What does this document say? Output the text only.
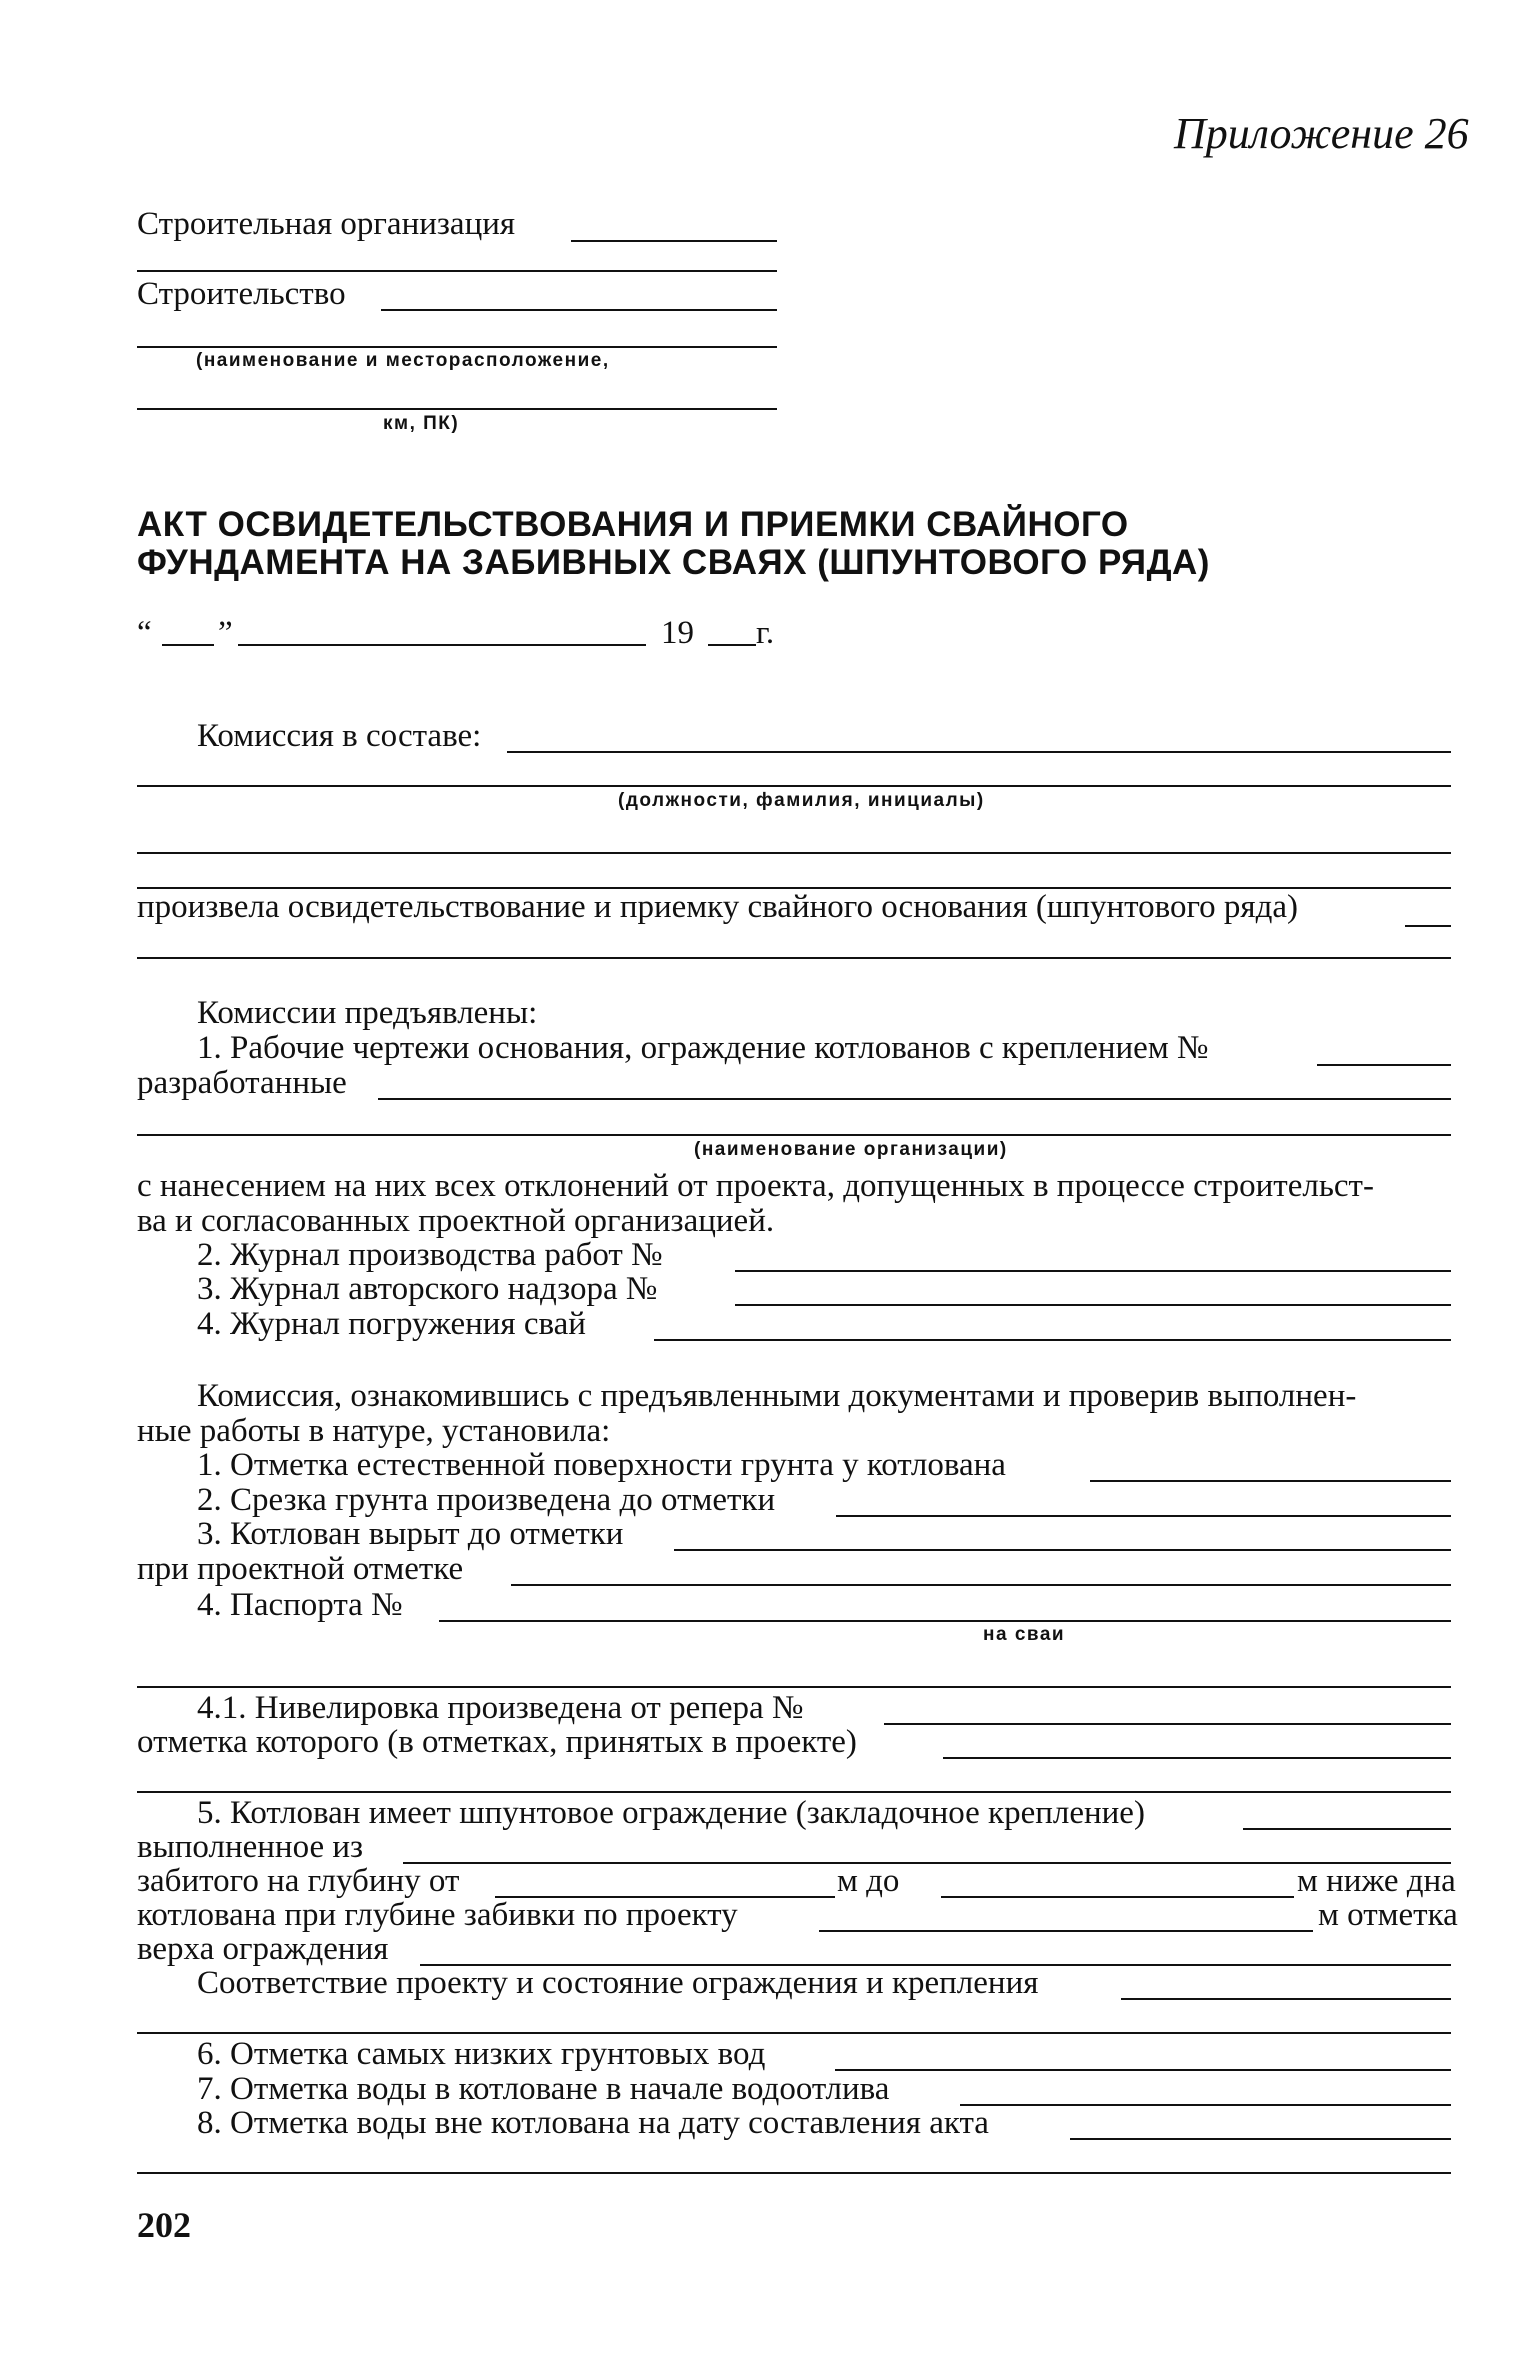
Приложение 26
Строительная организация
Строительство
(наименование и месторасположение,
км, ПК)
АКТ ОСВИДЕТЕЛЬСТВОВАНИЯ И ПРИЕМКИ СВАЙНОГО
ФУНДАМЕНТА НА ЗАБИВНЫХ СВАЯХ (ШПУНТОВОГО РЯДА)
“ ”	19 г.
Комиссия в составе:
(должности, фамилия, инициалы)
произвела освидетельствование и приемку свайного основания (шпунтового ряда)
Комиссии предъявлены:
1. Рабочие чертежи основания, ограждение котлованов с креплением №
разработанные
(наименование организации)
с нанесением на них всех отклонений от проекта, допущенных в процессе строительст-
ва и согласованных проектной организацией.
2. Журнал производства работ №
3. Журнал авторского надзора №
4. Журнал погружения свай
Комиссия, ознакомившись с предъявленными документами и проверив выполнен-
ные работы в натуре, установила:
1. Отметка естественной поверхности грунта у котлована
2. Срезка грунта произведена до отметки
3. Котлован вырыт до отметки
при проектной отметке
4. Паспорта №
на сваи
4.1. Нивелировка произведена от репера №
отметка которого (в отметках, принятых в проекте)
5. Котлован имеет шпунтовое ограждение (закладочное крепление)
выполненное из
забитого на глубину от	м до	м ниже дна
котлована при глубине забивки по проекту	м отметка
верха ограждения
Соответствие проекту и состояние ограждения и крепления
6. Отметка самых низких грунтовых вод
7. Отметка воды в котловане в начале водоотлива
8. Отметка воды вне котлована на дату составления акта
202
